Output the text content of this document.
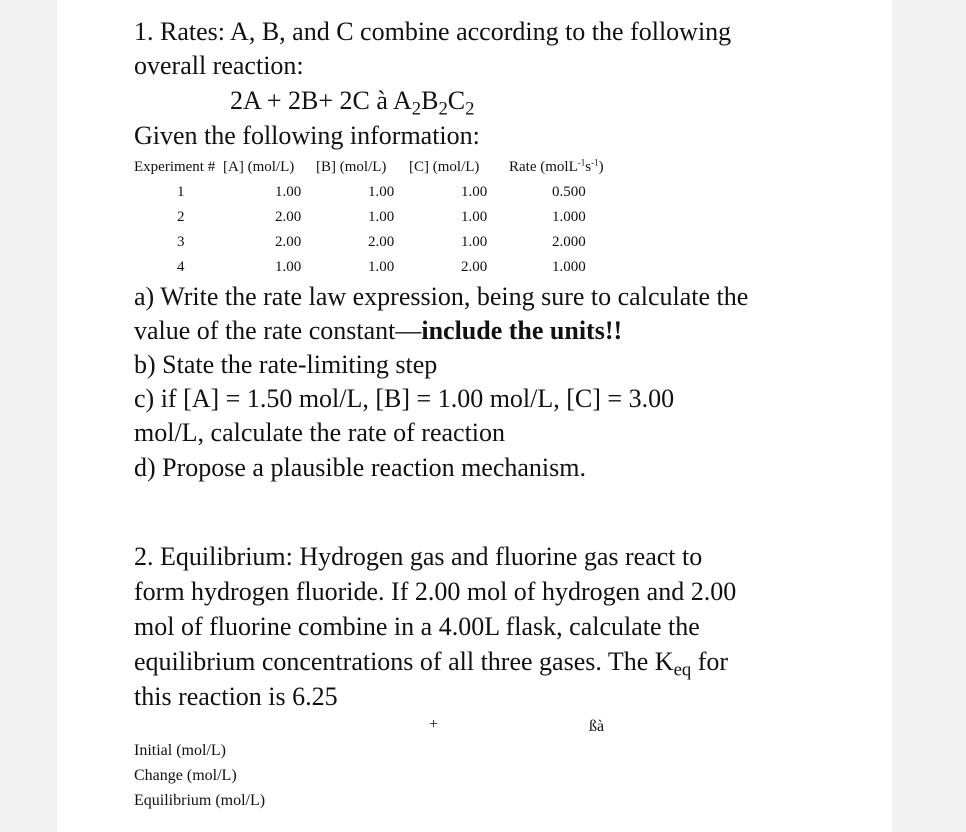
1. Rates: A, B, and C combine according to the following
overall reaction:
2A + 2B+ 2C à $A_2B_2C_2$
Given the following information:
Experiment # [A] (mol/L) [B] (mol/L) [C] (mol/L) Rate $(molL^{-1}s^{-1})$
1	1.00	1.00	1.00	0.500
2	2.00	1.00	1.00	1.000
3	2.00	2.00	1.00	2.000
4	1.00	1.00	2.00	1.000
a) Write the rate law expression, being sure to calculate the
value of the rate constant—include the units!!
b) State the rate-limiting step
c) if [A] = 1.50 mol/L, [B] = 1.00 mol/L, [C] = 3.00
mol/L, calculate the rate of reaction
d) Propose a plausible reaction mechanism.
2. Equilibrium: Hydrogen gas and fluorine gas react to
form hydrogen fluoride. If 2.00 mol of hydrogen and 2.00
mol of fluorine combine in a 4.00L flask, calculate the
equilibrium concentrations of all three gases. The $K_{eq}$ for
this reaction is 6.25
+	ßà
Initial (mol/L)
Change (mol/L)
Equilibrium (mol/L)
